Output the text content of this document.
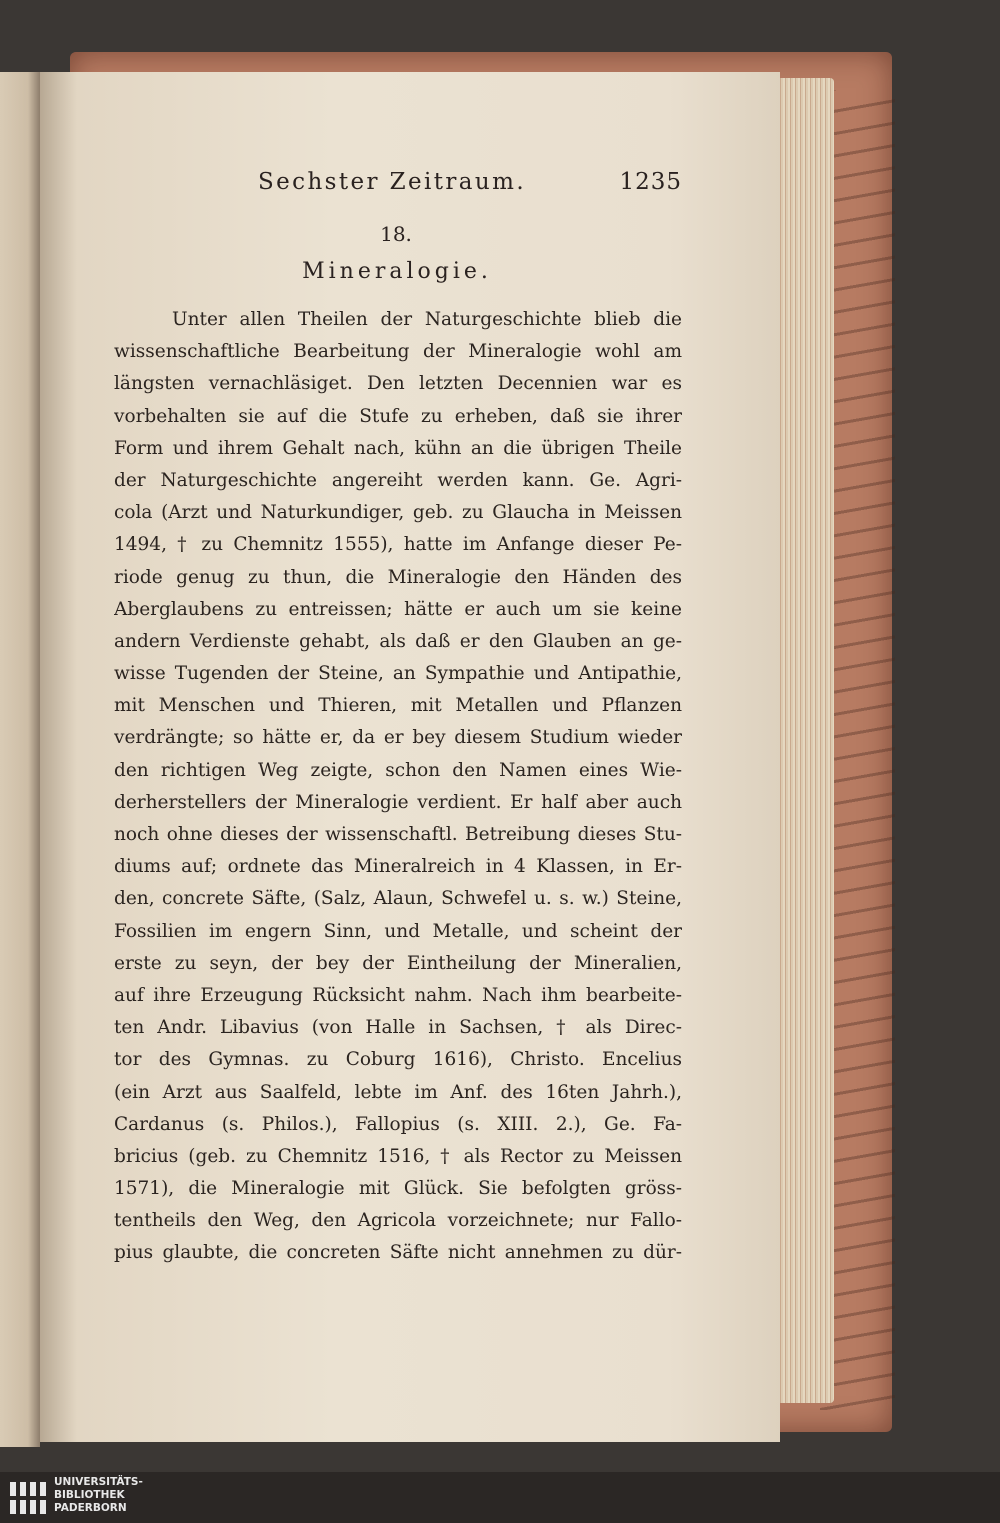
Sechster Zeitraum.	1235
18.
Mineralogie.
Unter allen Theilen der Naturgeschichte blieb die
wissenschaftliche Bearbeitung der Mineralogie wohl am
längsten vernachläsiget. Den letzten Decennien war es
vorbehalten sie auf die Stufe zu erheben, daß sie ihrer
Form und ihrem Gehalt nach, kühn an die übrigen Theile
der Naturgeschichte angereiht werden kann. Ge. Agri-
cola (Arzt und Naturkundiger, geb. zu Glaucha in Meissen
1494, † zu Chemnitz 1555), hatte im Anfange dieser Pe-
riode genug zu thun, die Mineralogie den Händen des
Aberglaubens zu entreissen; hätte er auch um sie keine
andern Verdienste gehabt, als daß er den Glauben an ge-
wisse Tugenden der Steine, an Sympathie und Antipathie,
mit Menschen und Thieren, mit Metallen und Pflanzen
verdrängte; so hätte er, da er bey diesem Studium wieder
den richtigen Weg zeigte, schon den Namen eines Wie-
derherstellers der Mineralogie verdient. Er half aber auch
noch ohne dieses der wissenschaftl. Betreibung dieses Stu-
diums auf; ordnete das Mineralreich in 4 Klassen, in Er-
den, concrete Säfte, (Salz, Alaun, Schwefel u. s. w.) Steine,
Fossilien im engern Sinn, und Metalle, und scheint der
erste zu seyn, der bey der Eintheilung der Mineralien,
auf ihre Erzeugung Rücksicht nahm. Nach ihm bearbeite-
ten Andr. Libavius (von Halle in Sachsen, † als Direc-
tor des Gymnas. zu Coburg 1616), Christo. Encelius
(ein Arzt aus Saalfeld, lebte im Anf. des 16ten Jahrh.),
Cardanus (s. Philos.), Fallopius (s. XIII. 2.), Ge. Fa-
bricius (geb. zu Chemnitz 1516, † als Rector zu Meissen
1571), die Mineralogie mit Glück. Sie befolgten gröss-
tentheils den Weg, den Agricola vorzeichnete; nur Fallo-
pius glaubte, die concreten Säfte nicht annehmen zu dür-
UNIVERSITÄTS-
BIBLIOTHEK
PADERBORN
